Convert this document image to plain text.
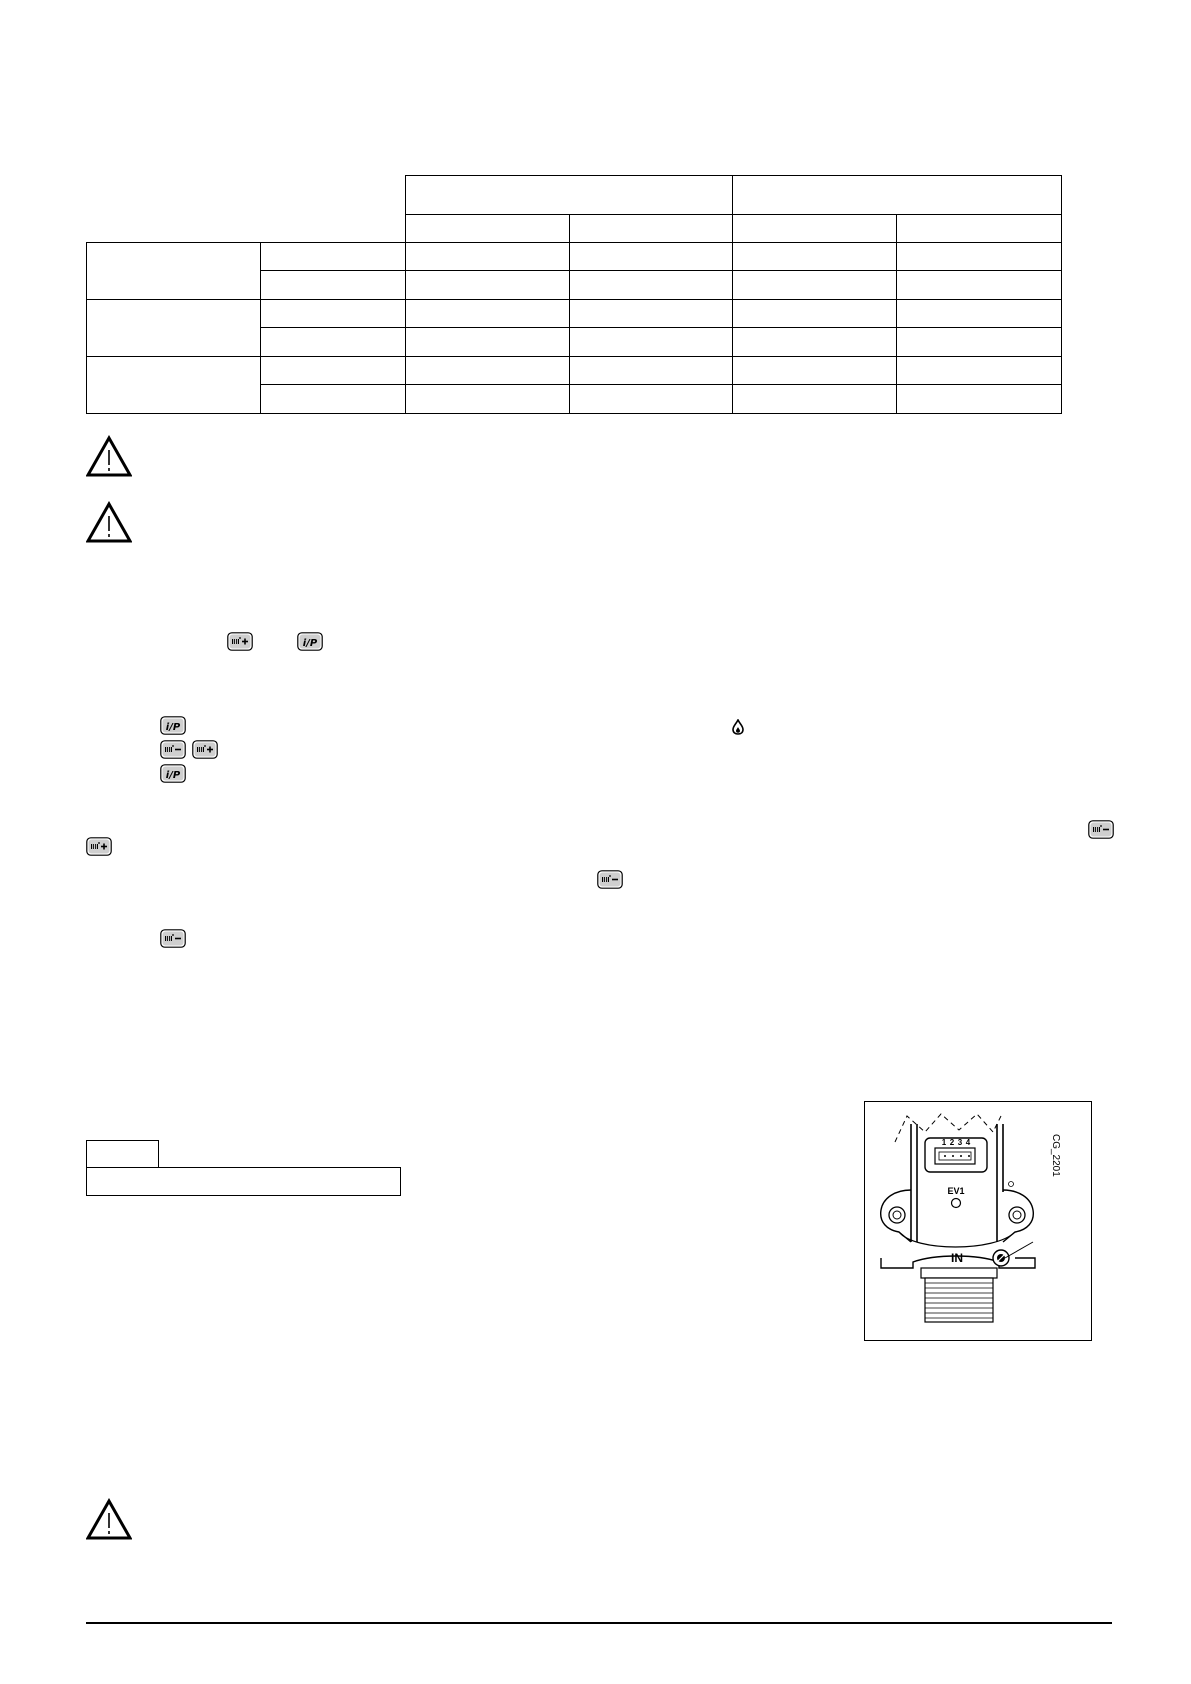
i/P
i/P
i/P
1 2 3 4
EV1
IN
CG_2201
